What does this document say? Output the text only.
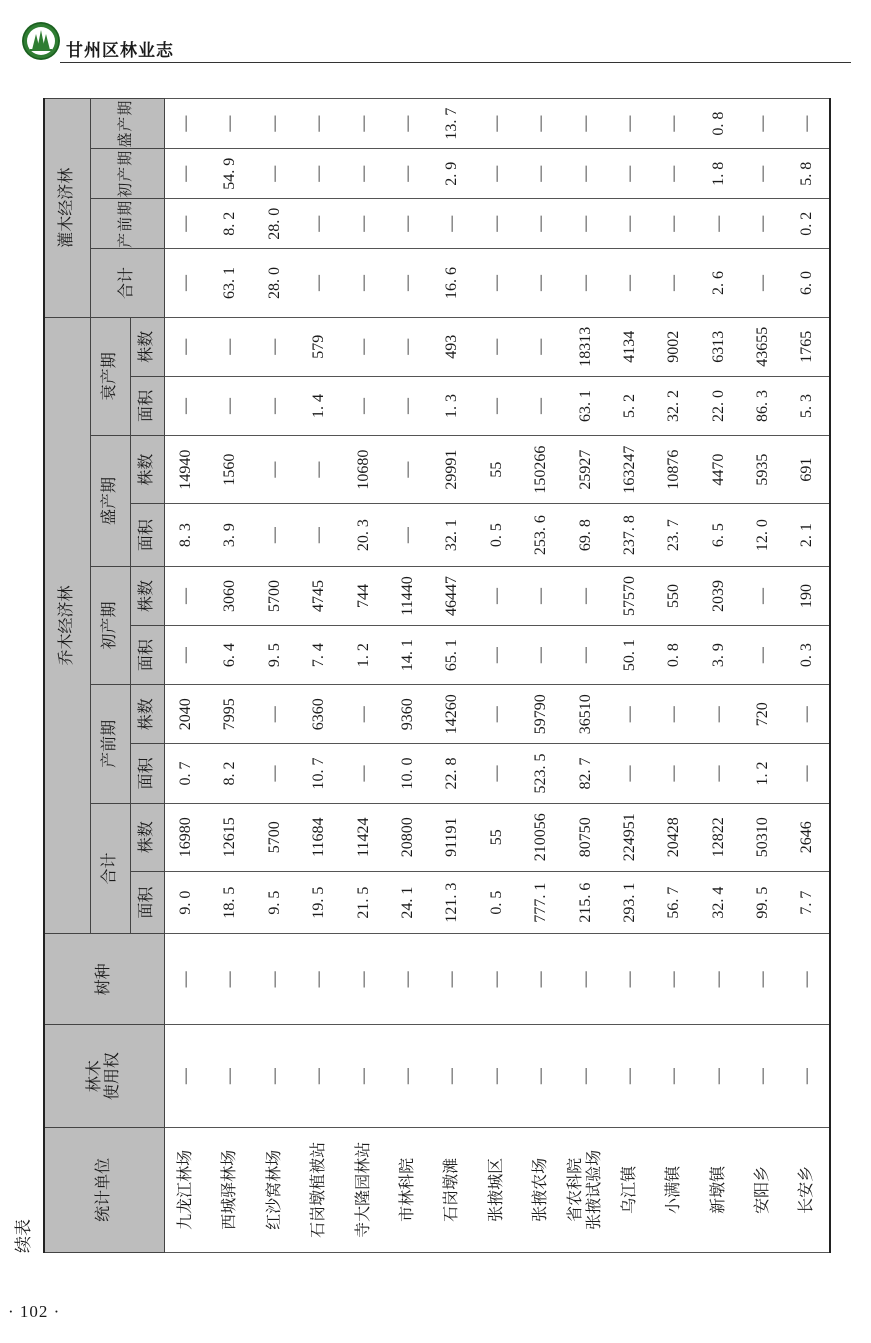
甘州区林业志
续表
统计单位	林木 使用权	树种	乔木经济林										灌木经济林			
			合计		产前期		初产期		盛产期		衰产期		合计	产前期	初产期	盛产期
			面积	株数	面积	株数	面积	株数	面积	株数	面积	株数				
九龙江林场	—	—	9. 0	16980	0. 7	2040	—	—	8. 3	14940	—	—	—	—	—	—
西城驿林场	—	—	18. 5	12615	8. 2	7995	6. 4	3060	3. 9	1560	—	—	63. 1	8. 2	54. 9	—
红沙窝林场	—	—	9. 5	5700	—	—	9. 5	5700	—	—	—	—	28. 0	28. 0	—	—
石岗墩植被站	—	—	19. 5	11684	10. 7	6360	7. 4	4745	—	—	1. 4	579	—	—	—	—
寺大隆园林站	—	—	21. 5	11424	—	—	1. 2	744	20. 3	10680	—	—	—	—	—	—
市林科院	—	—	24. 1	20800	10. 0	9360	14. 1	11440	—	—	—	—	—	—	—	—
石岗墩滩	—	—	121. 3	91191	22. 8	14260	65. 1	46447	32. 1	29991	1. 3	493	16. 6	—	2. 9	13. 7
张掖城区	—	—	0. 5	55	—	—	—	—	0. 5	55	—	—	—	—	—	—
张掖农场	—	—	777. 1	210056	523. 5	59790	—	—	253. 6	150266	—	—	—	—	—	—

省农科院 张掖试验场	—	—	215. 6	80750	82. 7	36510	—	—	69. 8	25927	63. 1	18313	—	—	—	—
乌江镇	—	—	293. 1	224951	—	—	50. 1	57570	237. 8	163247	5. 2	4134	—	—	—	—
小满镇	—	—	56. 7	20428	—	—	0. 8	550	23. 7	10876	32. 2	9002	—	—	—	—
新墩镇	—	—	32. 4	12822	—	—	3. 9	2039	6. 5	4470	22. 0	6313	2. 6	—	1. 8	0. 8
安阳乡	—	—	99. 5	50310	1. 2	720	—	—	12. 0	5935	86. 3	43655	—	—	—	—
长安乡	—	—	7. 7	2646	—	—	0. 3	190	2. 1	691	5. 3	1765	6. 0	0. 2	5. 8	—
· 102 ·
